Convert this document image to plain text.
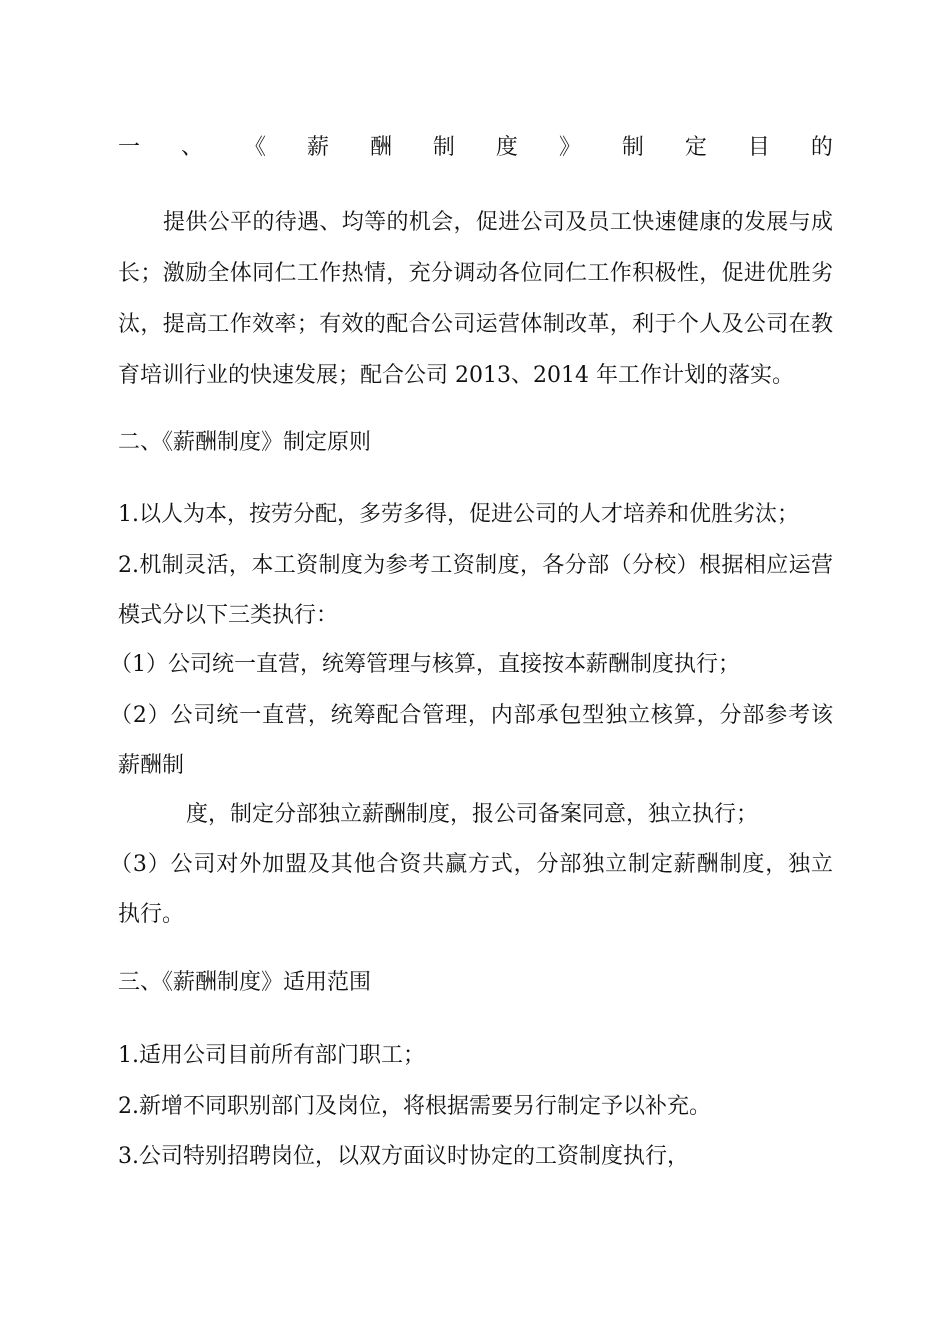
一 、 《 薪 酬 制 度 》 制 定 目 的
提供公平的待遇、均等的机会，促进公司及员工快速健康的发展与成
长；激励全体同仁工作热情，充分调动各位同仁工作积极性，促进优胜劣
汰，提高工作效率；有效的配合公司运营体制改革，利于个人及公司在教
育培训行业的快速发展；配合公司 2013、2014 年工作计划的落实。
二、《薪酬制度》制定原则
1.以人为本，按劳分配，多劳多得，促进公司的人才培养和优胜劣汰；
2.机制灵活，本工资制度为参考工资制度，各分部（分校）根据相应运营
模式分以下三类执行：
（1）公司统一直营，统筹管理与核算，直接按本薪酬制度执行；
（2）公司统一直营，统筹配合管理，内部承包型独立核算，分部参考该
薪酬制
度，制定分部独立薪酬制度，报公司备案同意，独立执行；
（3）公司对外加盟及其他合资共赢方式，分部独立制定薪酬制度，独立
执行。
三、《薪酬制度》适用范围
1.适用公司目前所有部门职工；
2.新增不同职别部门及岗位，将根据需要另行制定予以补充。
3.公司特别招聘岗位，以双方面议时协定的工资制度执行，
